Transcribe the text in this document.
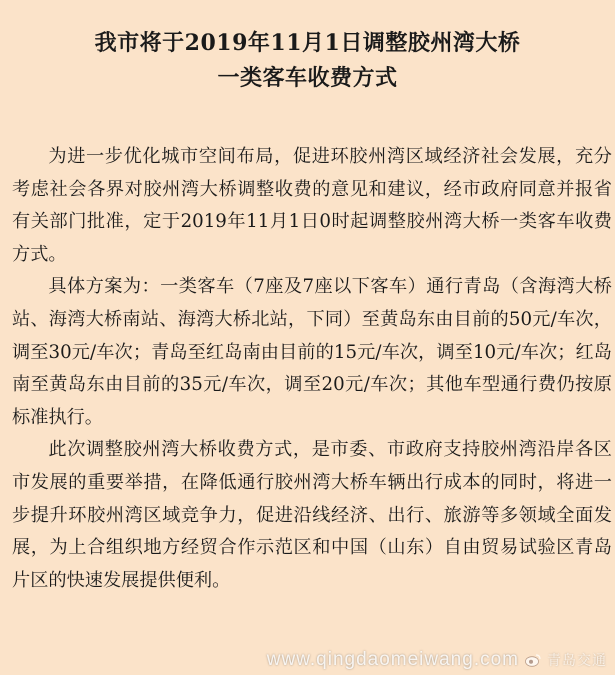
我市将于2019年11月1日调整胶州湾大桥
一类客车收费方式

为进一步优化城市空间布局，促进环胶州湾区域经济社会发展，充分考虑社会各界对胶州湾大桥调整收费的意见和建议，经市政府同意并报省有关部门批准，定于2019年11月1日0时起调整胶州湾大桥一类客车收费方式。

具体方案为：一类客车（7座及7座以下客车）通行青岛（含海湾大桥站、海湾大桥南站、海湾大桥北站，下同）至黄岛东由目前的50元/车次，调至30元/车次；青岛至红岛南由目前的15元/车次，调至10元/车次；红岛南至黄岛东由目前的35元/车次，调至20元/车次；其他车型通行费仍按原标准执行。

此次调整胶州湾大桥收费方式，是市委、市政府支持胶州湾沿岸各区市发展的重要举措，在降低通行胶州湾大桥车辆出行成本的同时，将进一步提升环胶州湾区域竞争力，促进沿线经济、出行、旅游等多领域全面发展，为上合组织地方经贸合作示范区和中国（山东）自由贸易试验区青岛片区的快速发展提供便利。

www.qingdaomeiwang.com 青岛交通
